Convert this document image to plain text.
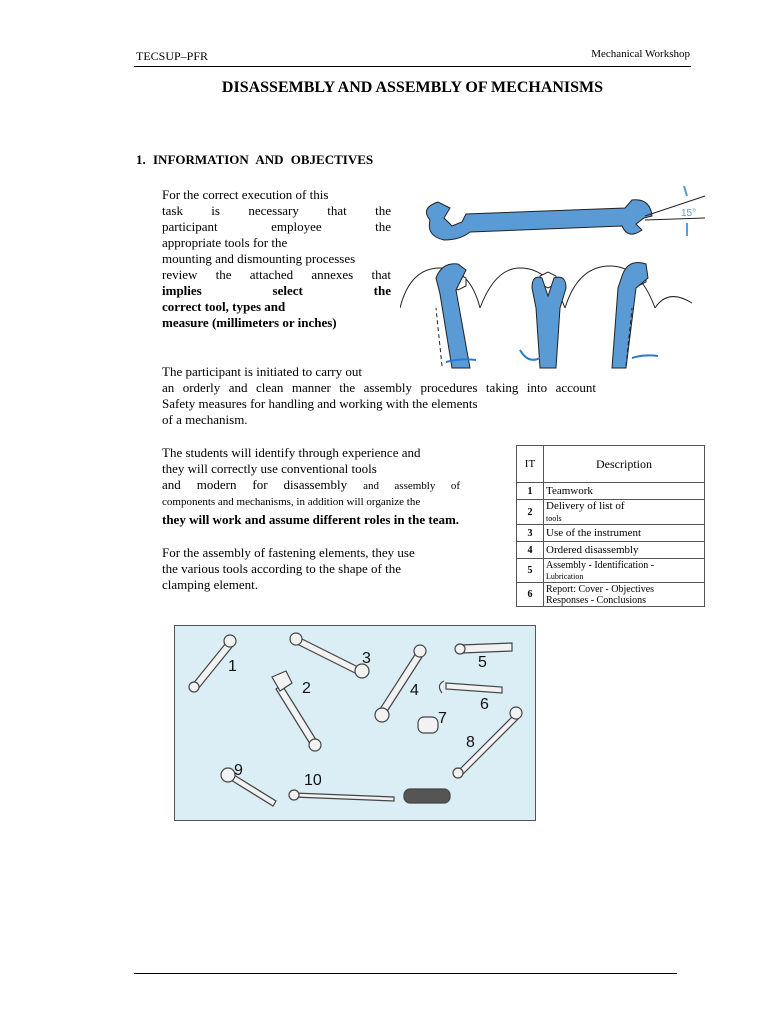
TECSUP–PFR	Mechanical Workshop
DISASSEMBLY AND ASSEMBLY OF MECHANISMS
1. INFORMATION AND OBJECTIVES
For the correct execution of this
task is necessary that the
participant employee the
appropriate tools for the
mounting and dismounting processes
review the attached annexes that
implies select the
correct tool, types and
measure (millimeters or inches)
15°
The participant is initiated to carry out
an orderly and clean manner the assembly procedures taking into account
Safety measures for handling and working with the elements
of a mechanism.
The students will identify through experience and
they will correctly use conventional tools
and modern for disassembly and assembly of
components and mechanisms, in addition will organize the
they will work and assume different roles in the team.
For the assembly of fastening elements, they use
the various tools according to the shape of the
clamping element.
IT	Description
1	Teamwork
2	Delivery of list of
tools
3	Use of the instrument
4	Ordered disassembly
5	Assembly - Identification -
Lubrication
6	Report: Cover - Objectives
Responses - Conclusions
1
2
3
4
5
6
7
8
9
10
